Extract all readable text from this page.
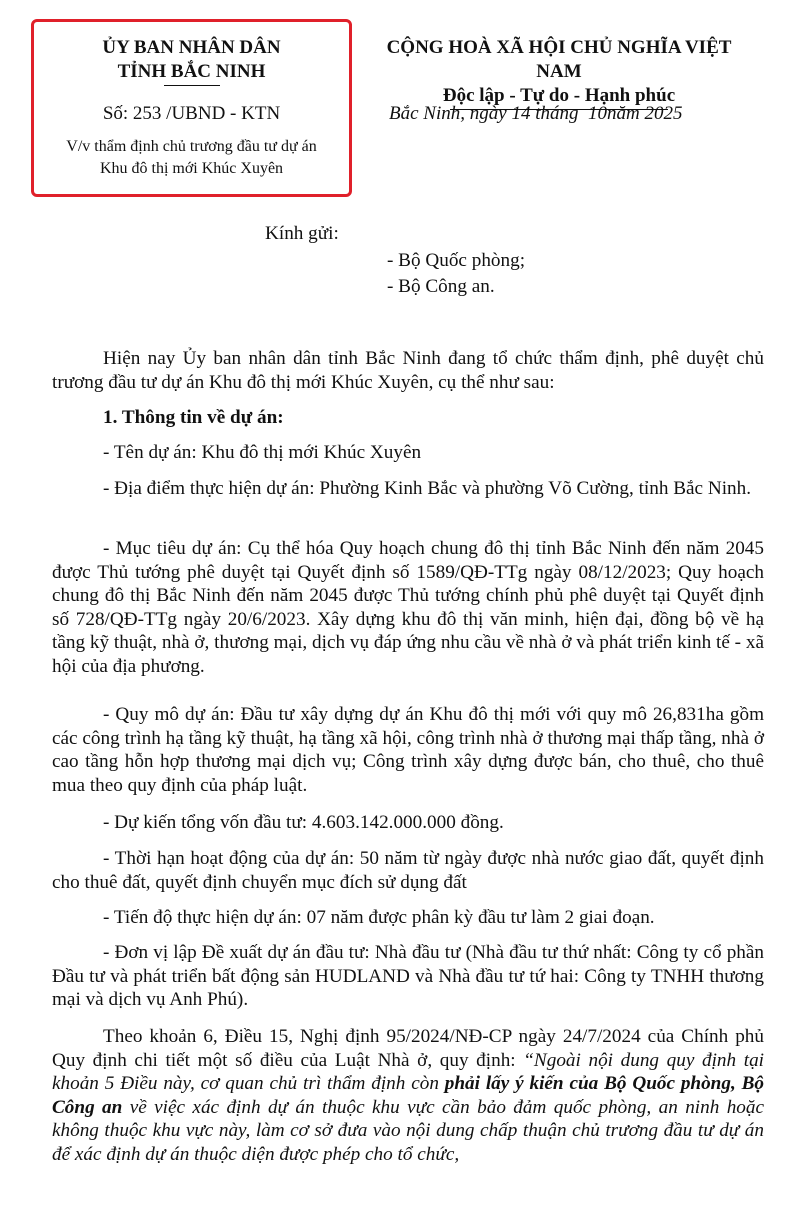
ỦY BAN NHÂN DÂN
TỈNH BẮC NINH
Số: 253 /UBND - KTN
V/v thẩm định chủ trương đầu tư dự án
Khu đô thị mới Khúc Xuyên
CỘNG HOÀ XÃ HỘI CHỦ NGHĨA VIỆT NAM
Độc lập - Tự do - Hạnh phúc
Bắc Ninh, ngày 14 tháng  10năm 2025
Kính gửi:
- Bộ Quốc phòng;
- Bộ Công an.
Hiện nay Ủy ban nhân dân tỉnh Bắc Ninh đang tổ chức thẩm định, phê duyệt chủ trương đầu tư dự án Khu đô thị mới Khúc Xuyên, cụ thể như sau:
1. Thông tin về dự án:
- Tên dự án: Khu đô thị mới Khúc Xuyên
- Địa điểm thực hiện dự án: Phường Kinh Bắc và phường Võ Cường, tỉnh Bắc Ninh.
- Mục tiêu dự án: Cụ thể hóa Quy hoạch chung đô thị tỉnh Bắc Ninh đến năm 2045 được Thủ tướng phê duyệt tại Quyết định số 1589/QĐ-TTg ngày 08/12/2023; Quy hoạch chung đô thị Bắc Ninh đến năm 2045 được Thủ tướng chính phủ phê duyệt tại Quyết định số 728/QĐ-TTg ngày 20/6/2023. Xây dựng khu đô thị văn minh, hiện đại, đồng bộ về hạ tầng kỹ thuật, nhà ở, thương mại, dịch vụ đáp ứng nhu cầu về nhà ở và phát triển kinh tế - xã hội của địa phương.
- Quy mô dự án: Đầu tư xây dựng dự án Khu đô thị mới với quy mô 26,831ha gồm các công trình hạ tầng kỹ thuật, hạ tầng xã hội, công trình nhà ở thương mại thấp tầng, nhà ở cao tầng hỗn hợp thương mại dịch vụ; Công trình xây dựng được bán, cho thuê, cho thuê mua theo quy định của pháp luật.
- Dự kiến tổng vốn đầu tư: 4.603.142.000.000 đồng.
- Thời hạn hoạt động của dự án: 50 năm từ ngày được nhà nước giao đất, quyết định cho thuê đất, quyết định chuyển mục đích sử dụng đất
- Tiến độ thực hiện dự án: 07 năm được phân kỳ đầu tư làm 2 giai đoạn.
- Đơn vị lập Đề xuất dự án đầu tư: Nhà đầu tư (Nhà đầu tư thứ nhất: Công ty cổ phần Đầu tư và phát triển bất động sản HUDLAND và Nhà đầu tư tứ hai: Công ty TNHH thương mại và dịch vụ Anh Phú).
Theo khoản 6, Điều 15, Nghị định 95/2024/NĐ-CP ngày 24/7/2024 của Chính phủ Quy định chi tiết một số điều của Luật Nhà ở, quy định: “Ngoài nội dung quy định tại khoản 5 Điều này, cơ quan chủ trì thẩm định còn phải lấy ý kiến của Bộ Quốc phòng, Bộ Công an về việc xác định dự án thuộc khu vực cần bảo đảm quốc phòng, an ninh hoặc không thuộc khu vực này, làm cơ sở đưa vào nội dung chấp thuận chủ trương đầu tư dự án để xác định dự án thuộc diện được phép cho tổ chức,
